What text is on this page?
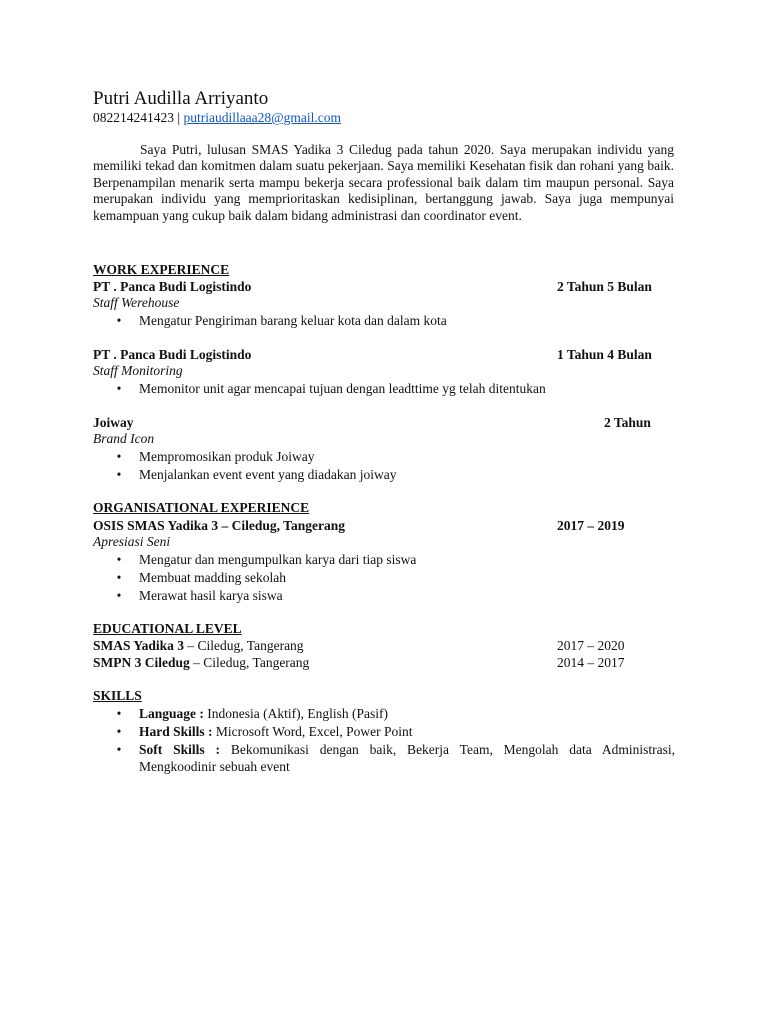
Putri Audilla Arriyanto
082214241423 | putriaudillaaa28@gmail.com

Saya Putri, lulusan SMAS Yadika 3 Ciledug pada tahun 2020. Saya merupakan individu yang memiliki tekad dan komitmen dalam suatu pekerjaan. Saya memiliki Kesehatan fisik dan rohani yang baik. Berpenampilan menarik serta mampu bekerja secara professional baik dalam tim maupun personal. Saya merupakan individu yang memprioritaskan kedisiplinan, bertanggung jawab. Saya juga mempunyai kemampuan yang cukup baik dalam bidang administrasi dan coordinator event.

WORK EXPERIENCE
PT . Panca Budi Logistindo	2 Tahun 5 Bulan
Staff Werehouse
• Mengatur Pengiriman barang keluar kota dan dalam kota
PT . Panca Budi Logistindo	1 Tahun 4 Bulan
Staff Monitoring
• Memonitor unit agar mencapai tujuan dengan leadttime yg telah ditentukan
Joiway	2 Tahun
Brand Icon
• Mempromosikan produk Joiway
• Menjalankan event event yang diadakan joiway
ORGANISATIONAL EXPERIENCE
OSIS SMAS Yadika 3 – Ciledug, Tangerang	2017 – 2019
Apresiasi Seni
• Mengatur dan mengumpulkan karya dari tiap siswa
• Membuat madding sekolah
• Merawat hasil karya siswa
EDUCATIONAL LEVEL
SMAS Yadika 3 – Ciledug, Tangerang	2017 – 2020
SMPN 3 Ciledug – Ciledug, Tangerang	2014 – 2017
SKILLS
• Language : Indonesia (Aktif), English (Pasif)
• Hard Skills : Microsoft Word, Excel, Power Point
• Soft Skills : Bekomunikasi dengan baik, Bekerja Team, Mengolah data Administrasi, Mengkoodinir sebuah event
